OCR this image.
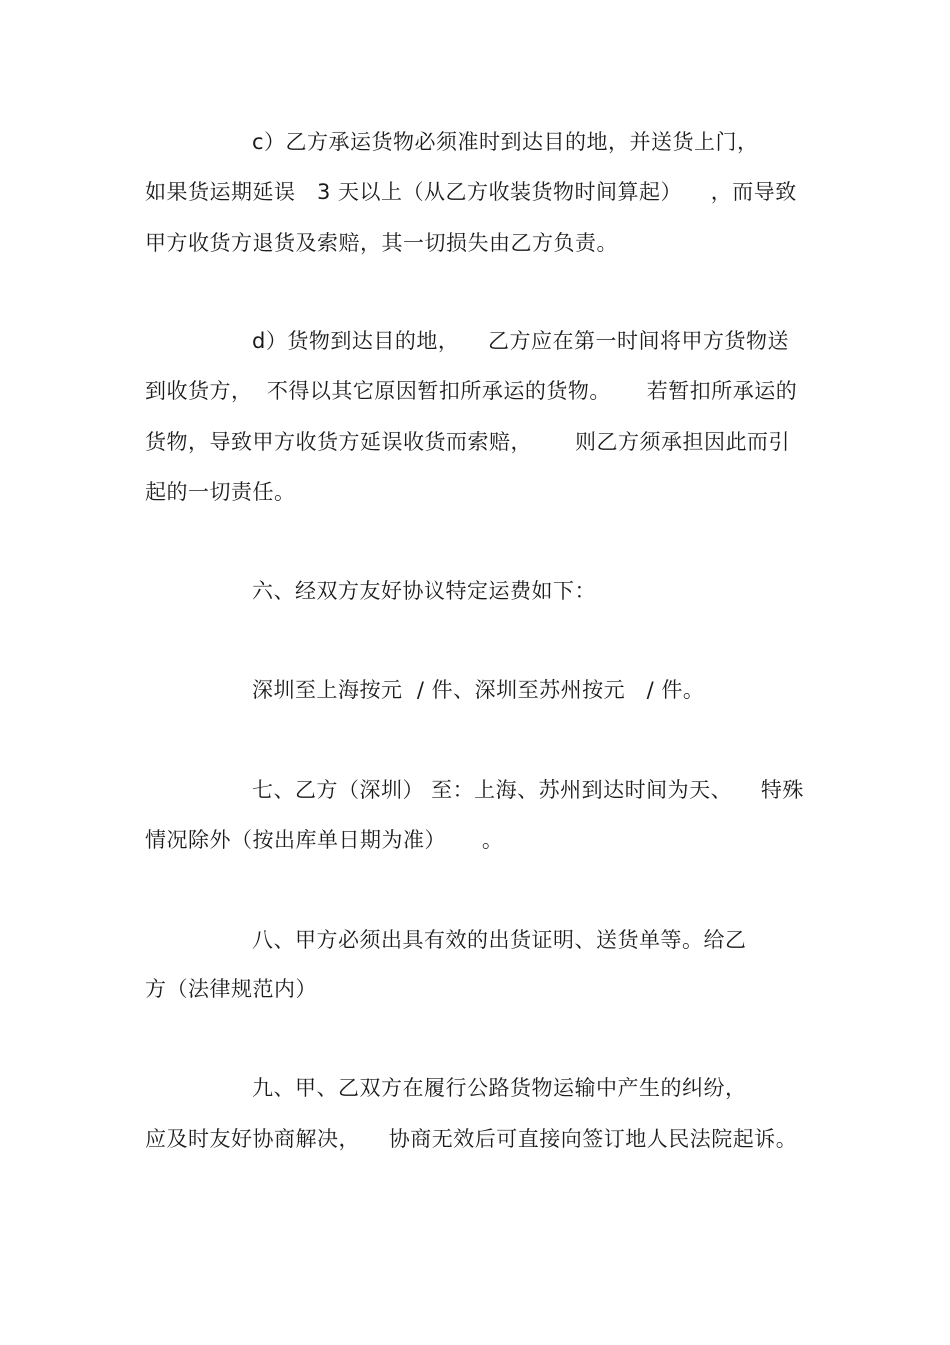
c）乙方承运货物必须准时到达目的地，并送货上门，
如果货运期延误   3 天以上（从乙方收装货物时间算起）    ，而导致
甲方收货方退货及索赔，其一切损失由乙方负责。
d）货物到达目的地，    乙方应在第一时间将甲方货物送
到收货方，  不得以其它原因暂扣所承运的货物。     若暂扣所承运的
货物，导致甲方收货方延误收货而索赔，      则乙方须承担因此而引
起的一切责任。
六、经双方友好协议特定运费如下：
深圳至上海按元  / 件、深圳至苏州按元   / 件。
七、乙方（深圳） 至：上海、苏州到达时间为天、    特殊
情况除外（按出库单日期为准）     。
八、甲方必须出具有效的出货证明、送货单等。给乙
方（法律规范内）
九、甲、乙双方在履行公路货物运输中产生的纠纷，
应及时友好协商解决，    协商无效后可直接向签订地人民法院起诉。
